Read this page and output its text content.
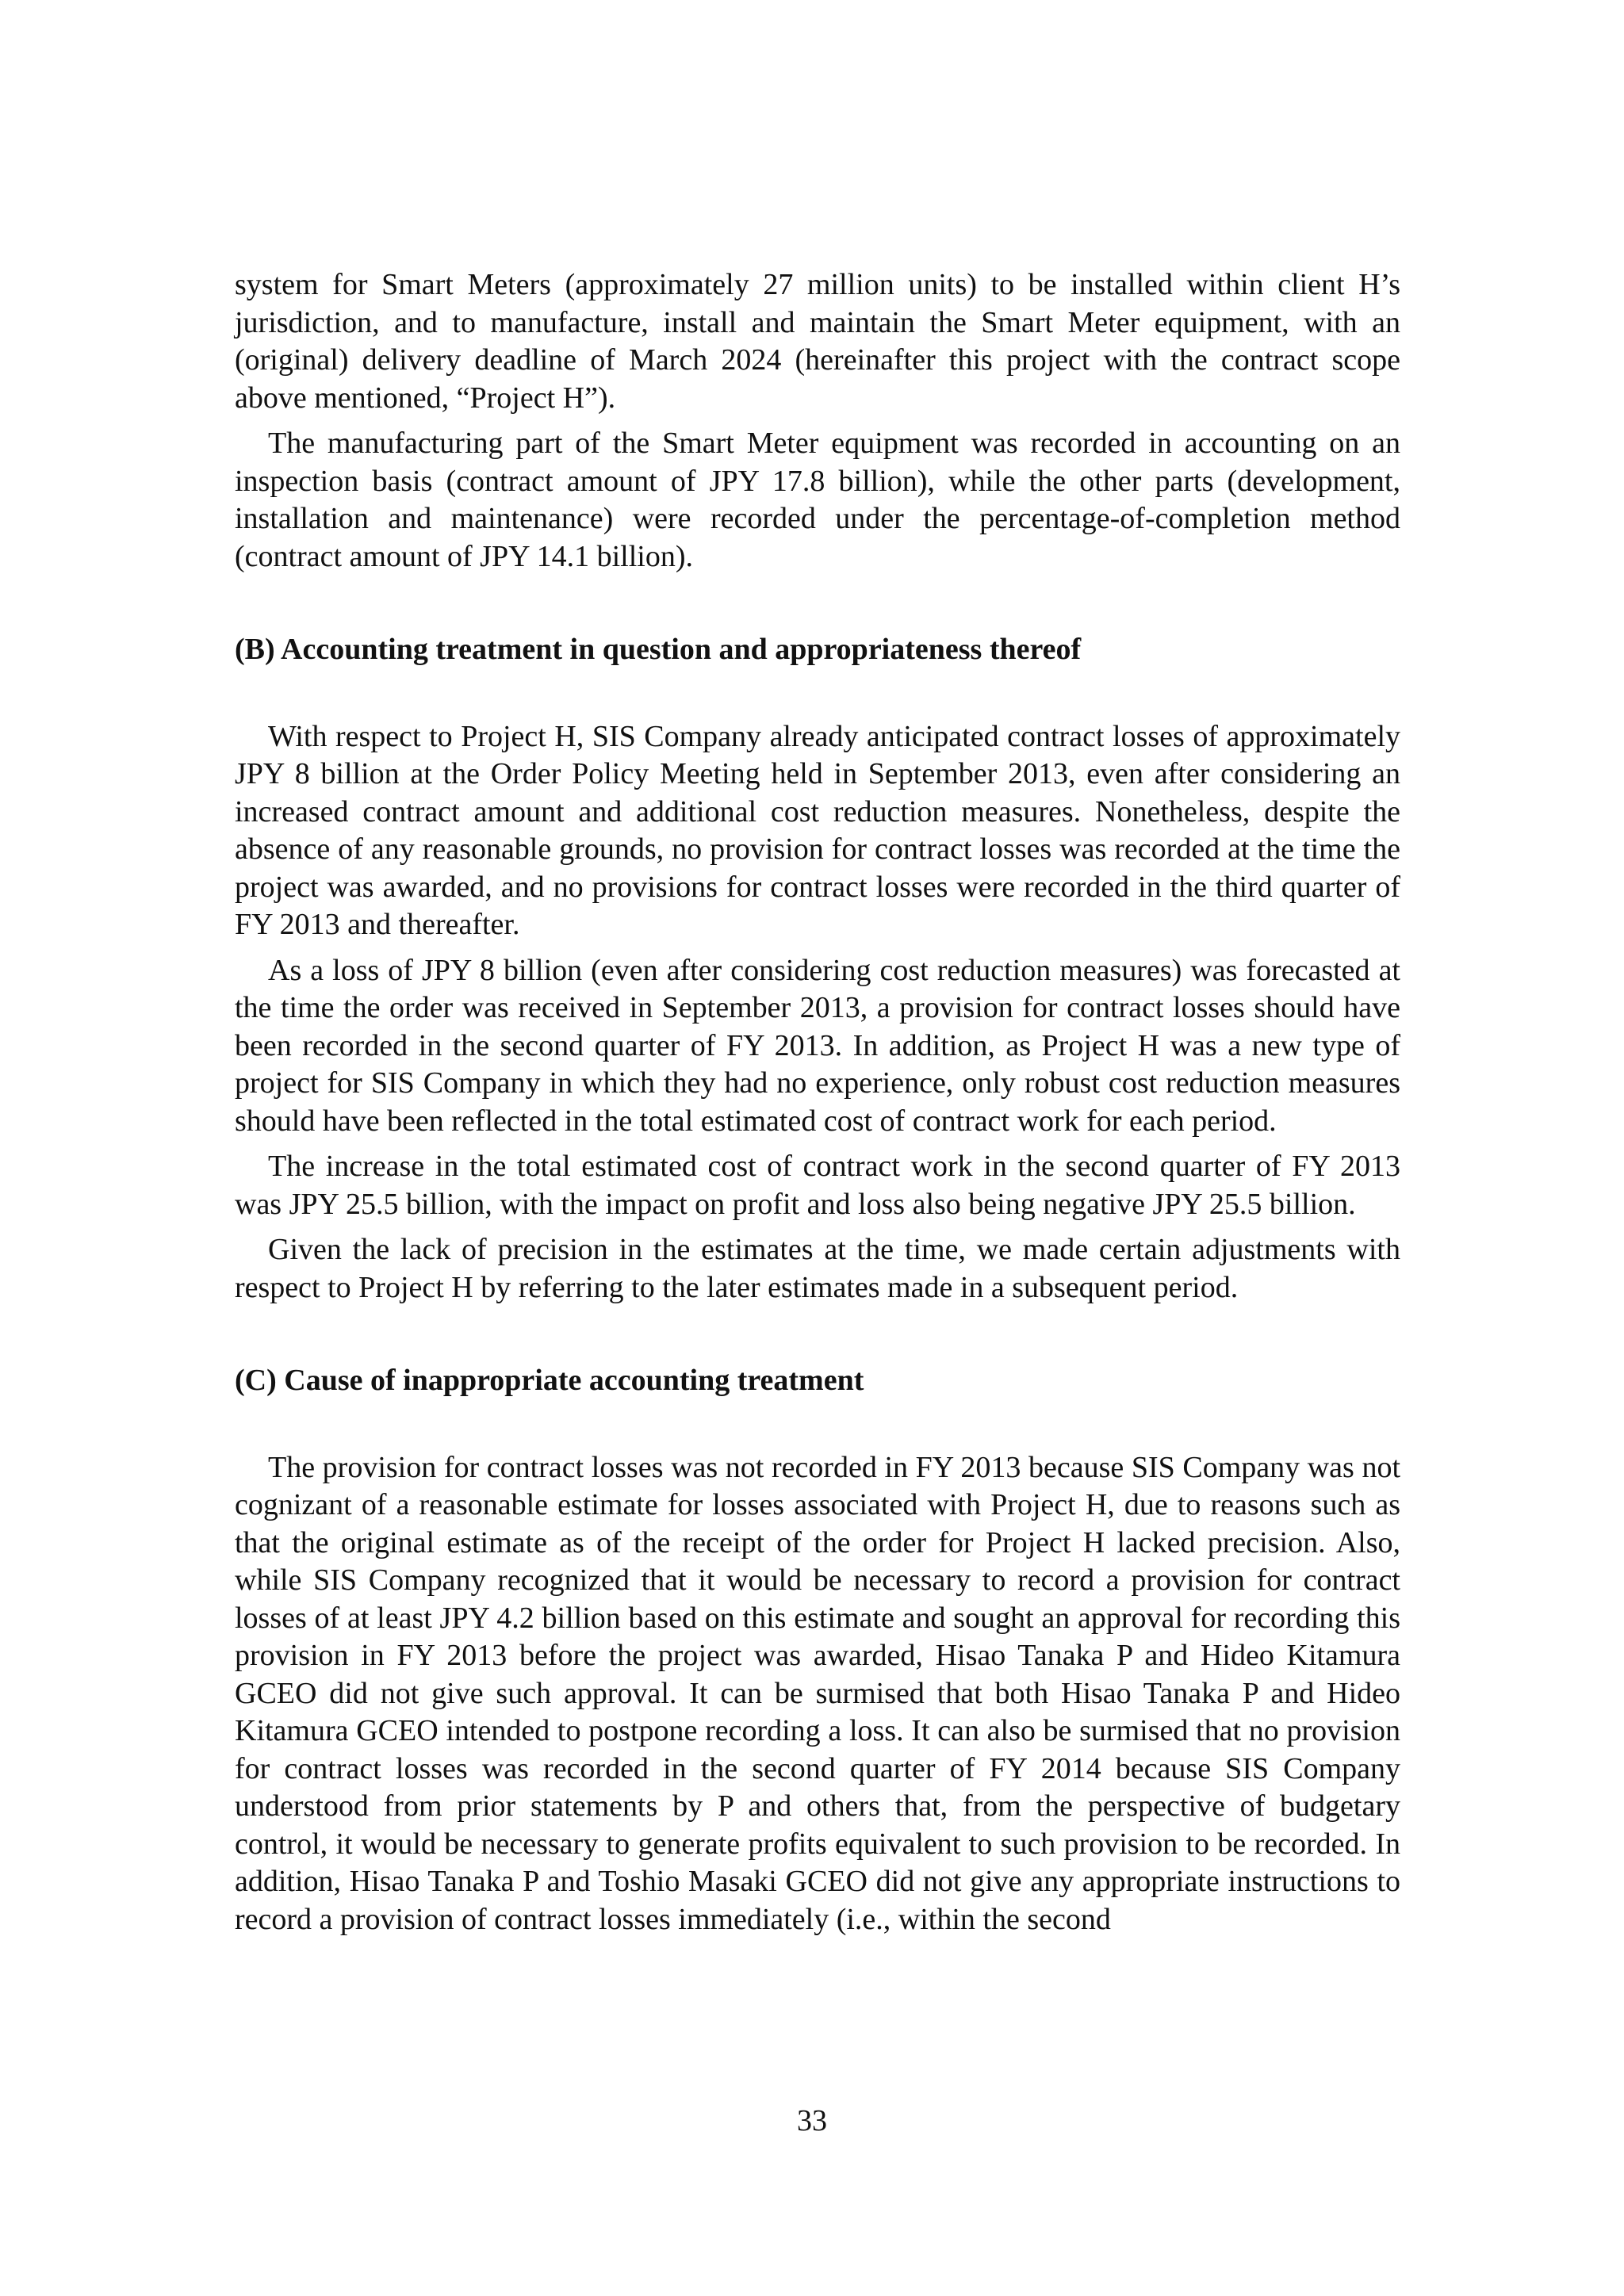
system for Smart Meters (approximately 27 million units) to be installed within client H’s jurisdiction, and to manufacture, install and maintain the Smart Meter equipment, with an (original) delivery deadline of March 2024 (hereinafter this project with the contract scope above mentioned, “Project H”).

The manufacturing part of the Smart Meter equipment was recorded in accounting on an inspection basis (contract amount of JPY 17.8 billion), while the other parts (development, installation and maintenance) were recorded under the percentage-of-completion method (contract amount of JPY 14.1 billion).

(B) Accounting treatment in question and appropriateness thereof

With respect to Project H, SIS Company already anticipated contract losses of approximately JPY 8 billion at the Order Policy Meeting held in September 2013, even after considering an increased contract amount and additional cost reduction measures. Nonetheless, despite the absence of any reasonable grounds, no provision for contract losses was recorded at the time the project was awarded, and no provisions for contract losses were recorded in the third quarter of FY 2013 and thereafter.

As a loss of JPY 8 billion (even after considering cost reduction measures) was forecasted at the time the order was received in September 2013, a provision for contract losses should have been recorded in the second quarter of FY 2013. In addition, as Project H was a new type of project for SIS Company in which they had no experience, only robust cost reduction measures should have been reflected in the total estimated cost of contract work for each period.

The increase in the total estimated cost of contract work in the second quarter of FY 2013 was JPY 25.5 billion, with the impact on profit and loss also being negative JPY 25.5 billion.

Given the lack of precision in the estimates at the time, we made certain adjustments with respect to Project H by referring to the later estimates made in a subsequent period.

(C) Cause of inappropriate accounting treatment

The provision for contract losses was not recorded in FY 2013 because SIS Company was not cognizant of a reasonable estimate for losses associated with Project H, due to reasons such as that the original estimate as of the receipt of the order for Project H lacked precision. Also, while SIS Company recognized that it would be necessary to record a provision for contract losses of at least JPY 4.2 billion based on this estimate and sought an approval for recording this provision in FY 2013 before the project was awarded, Hisao Tanaka P and Hideo Kitamura GCEO did not give such approval. It can be surmised that both Hisao Tanaka P and Hideo Kitamura GCEO intended to postpone recording a loss. It can also be surmised that no provision for contract losses was recorded in the second quarter of FY 2014 because SIS Company understood from prior statements by P and others that, from the perspective of budgetary control, it would be necessary to generate profits equivalent to such provision to be recorded. In addition, Hisao Tanaka P and Toshio Masaki GCEO did not give any appropriate instructions to record a provision of contract losses immediately (i.e., within the second

33
